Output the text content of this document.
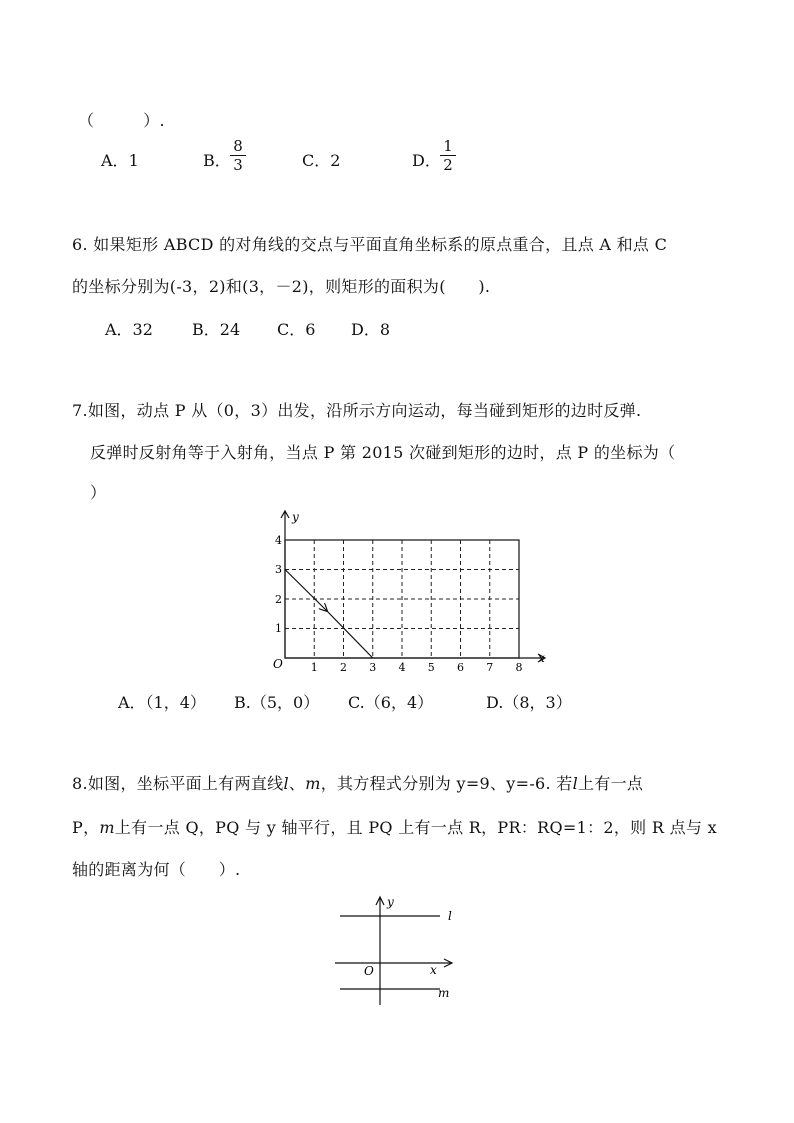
（　　　）.
A．1	B．
8
3	C．2	D．
1
2
6. 如果矩形 ABCD 的对角线的交点与平面直角坐标系的原点重合，且点 A 和点 C
的坐标分别为(-3，2)和(3，－2)，则矩形的面积为(　　).
A．32 B．24 C．6 D．8
7.如图，动点 P 从（0，3）出发，沿所示方向运动，每当碰到矩形的边时反弹.
反弹时反射角等于入射角，当点 P 第 2015 次碰到矩形的边时，点 P 的坐标为（
）
y
x
O	1 2 3 4 5 6 7 8
1
2
3
4
A．（1，4） B.（5，0） C.（6，4）	D.（8，3）
8.如图，坐标平面上有两直线l、m，其方程式分别为 y=9、y=-6. 若l上有一点
P，m上有一点 Q，PQ 与 y 轴平行，且 PQ 上有一点 R，PR：RQ=1：2，则 R 点与 x
轴的距离为何（　　）.
y
x
O
l
m
